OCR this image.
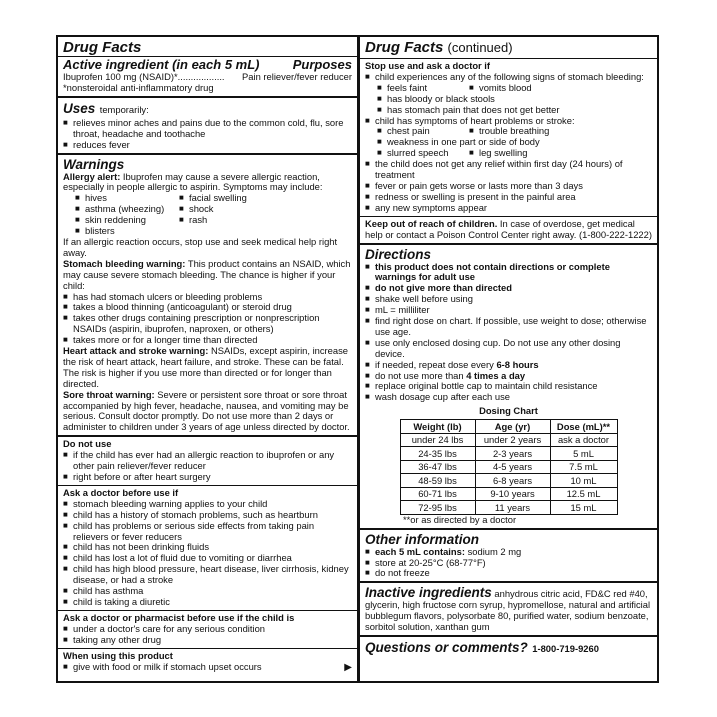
Drug Facts
Active ingredient (in each 5 mL)	Purposes
Ibuprofen 100 mg (NSAID)* ..................	Pain reliever/fever reducer
*nonsteroidal anti-inflammatory drug
Uses temporarily:
■ relieves minor aches and pains due to the common cold, flu, sore throat, headache and toothache
■ reduces fever
Warnings
Allergy alert: Ibuprofen may cause a severe allergic reaction, especially in people allergic to aspirin. Symptoms may include:
■ hives	■ facial swelling
■ asthma (wheezing)	■ shock
■ skin reddening	■ rash
■ blisters
If an allergic reaction occurs, stop use and seek medical help right away.
Stomach bleeding warning: This product contains an NSAID, which may cause severe stomach bleeding. The chance is higher if your child:
■ has had stomach ulcers or bleeding problems
■ takes a blood thinning (anticoagulant) or steroid drug
■ takes other drugs containing prescription or nonprescription NSAIDs (aspirin, ibuprofen, naproxen, or others)
■ takes more or for a longer time than directed
Heart attack and stroke warning: NSAIDs, except aspirin, increase the risk of heart attack, heart failure, and stroke. These can be fatal. The risk is higher if you use more than directed or for longer than directed.
Sore throat warning: Severe or persistent sore throat or sore throat accompanied by high fever, headache, nausea, and vomiting may be serious. Consult doctor promptly. Do not use more than 2 days or administer to children under 3 years of age unless directed by doctor.
Do not use
■ if the child has ever had an allergic reaction to ibuprofen or any other pain reliever/fever reducer
■ right before or after heart surgery
Ask a doctor before use if
■ stomach bleeding warning applies to your child
■ child has a history of stomach problems, such as heartburn
■ child has problems or serious side effects from taking pain relievers or fever reducers
■ child has not been drinking fluids
■ child has lost a lot of fluid due to vomiting or diarrhea
■ child has high blood pressure, heart disease, liver cirrhosis, kidney disease, or had a stroke
■ child has asthma
■ child is taking a diuretic
Ask a doctor or pharmacist before use if the child is
■ under a doctor's care for any serious condition
■ taking any other drug
When using this product
■ give with food or milk if stomach upset occurs	▶
Drug Facts (continued)
Stop use and ask a doctor if
■ child experiences any of the following signs of stomach bleeding:
■ feels faint	■ vomits blood
■ has bloody or black stools
■ has stomach pain that does not get better
■ child has symptoms of heart problems or stroke:
■ chest pain	■ trouble breathing
■ weakness in one part or side of body
■ slurred speech	■ leg swelling
■ the child does not get any relief within first day (24 hours) of treatment
■ fever or pain gets worse or lasts more than 3 days
■ redness or swelling is present in the painful area
■ any new symptoms appear
Keep out of reach of children. In case of overdose, get medical help or contact a Poison Control Center right away. (1-800-222-1222)
Directions
■ this product does not contain directions or complete warnings for adult use
■ do not give more than directed
■ shake well before using
■ mL = milliliter
■ find right dose on chart. If possible, use weight to dose; otherwise use age.
■ use only enclosed dosing cup. Do not use any other dosing device.
■ if needed, repeat dose every 6-8 hours
■ do not use more than 4 times a day
■ replace original bottle cap to maintain child resistance
■ wash dosage cup after each use
Dosing Chart
Weight (lb)	Age (yr)	Dose (mL)**
under 24 lbs	under 2 years	ask a doctor
24-35 lbs	2-3 years	5 mL
36-47 lbs	4-5 years	7.5 mL
48-59 lbs	6-8 years	10 mL
60-71 lbs	9-10 years	12.5 mL
72-95 lbs	11 years	15 mL
**or as directed by a doctor
Other information
■ each 5 mL contains: sodium 2 mg
■ store at 20-25°C (68-77°F)
■ do not freeze
Inactive ingredients anhydrous citric acid, FD&C red #40, glycerin, high fructose corn syrup, hypromellose, natural and artificial bubblegum flavors, polysorbate 80, purified water, sodium benzoate, sorbitol solution, xanthan gum
Questions or comments? 1-800-719-9260
